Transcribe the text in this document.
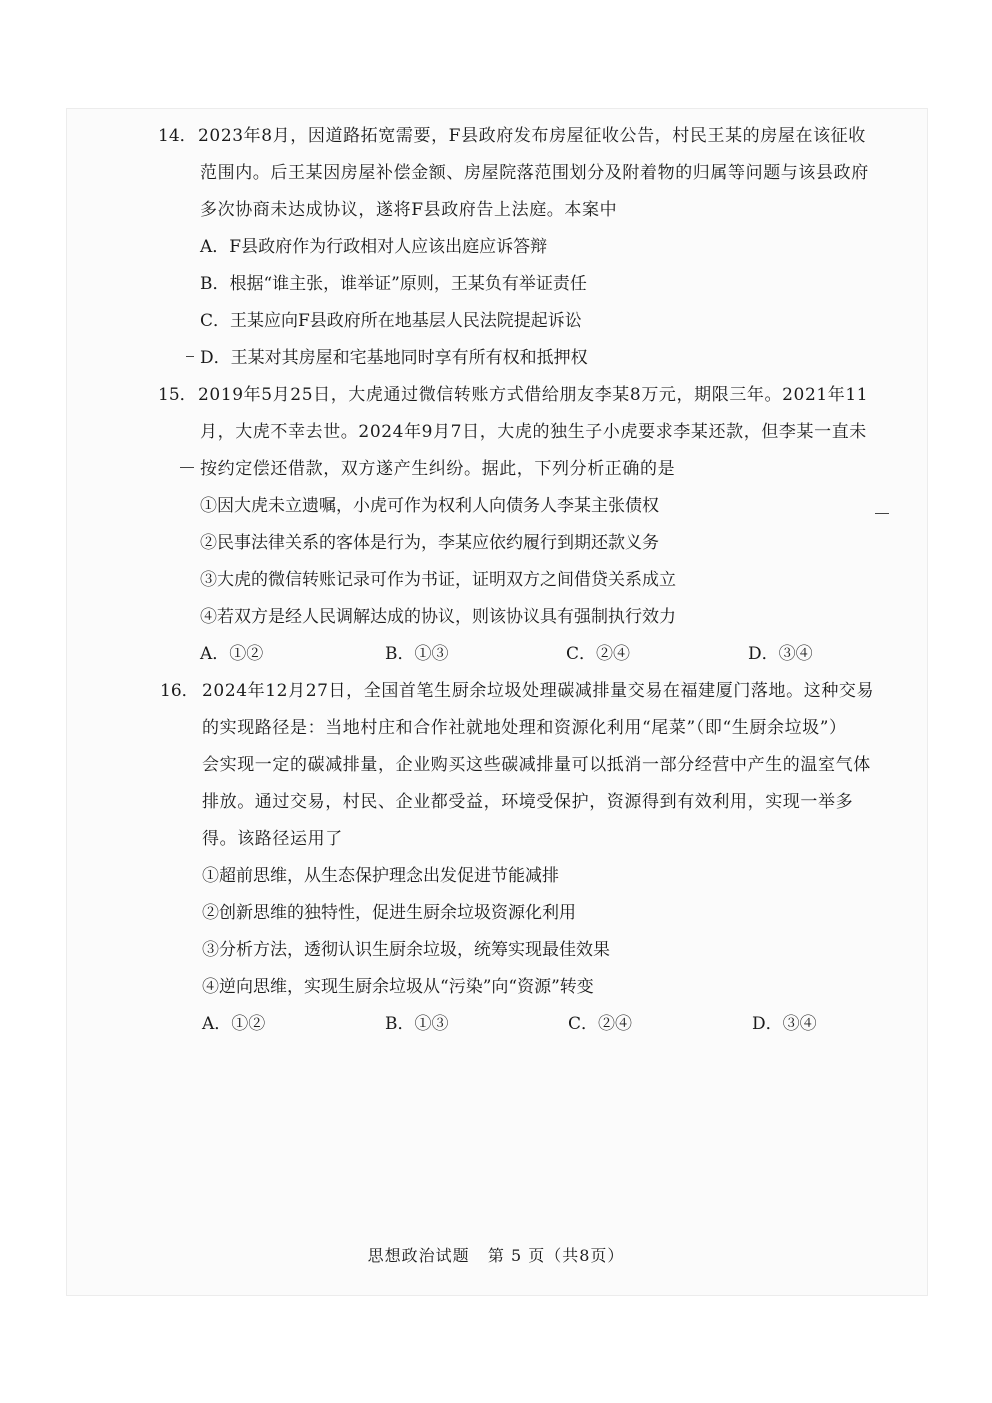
14． 2023年8月，因道路拓宽需要，F县政府发布房屋征收公告，村民王某的房屋在该征收
范围内。后王某因房屋补偿金额、房屋院落范围划分及附着物的归属等问题与该县政府
多次协商未达成协议，遂将F县政府告上法庭。本案中
A．F县政府作为行政相对人应该出庭应诉答辩
B．根据“谁主张，谁举证”原则，王某负有举证责任
C．王某应向F县政府所在地基层人民法院提起诉讼
D．王某对其房屋和宅基地同时享有所有权和抵押权
15． 2019年5月25日，大虎通过微信转账方式借给朋友李某8万元，期限三年。2021年11
月，大虎不幸去世。2024年9月7日，大虎的独生子小虎要求李某还款，但李某一直未
按约定偿还借款，双方遂产生纠纷。据此，下列分析正确的是
①因大虎未立遗嘱，小虎可作为权利人向债务人李某主张债权
②民事法律关系的客体是行为，李某应依约履行到期还款义务
③大虎的微信转账记录可作为书证，证明双方之间借贷关系成立
④若双方是经人民调解达成的协议，则该协议具有强制执行效力
A．①②	B．①③	C．②④	D．③④
16． 2024年12月27日，全国首笔生厨余垃圾处理碳减排量交易在福建厦门落地。这种交易
的实现路径是：当地村庄和合作社就地处理和资源化利用“尾菜”（即“生厨余垃圾”）
会实现一定的碳减排量，企业购买这些碳减排量可以抵消一部分经营中产生的温室气体
排放。通过交易，村民、企业都受益，环境受保护，资源得到有效利用，实现一举多
得。该路径运用了
①超前思维，从生态保护理念出发促进节能减排
②创新思维的独特性，促进生厨余垃圾资源化利用
③分析方法，透彻认识生厨余垃圾，统筹实现最佳效果
④逆向思维，实现生厨余垃圾从“污染”向“资源”转变
A．①②	B．①③	C．②④	D．③④
思想政治试题 第 5 页（共8页）
